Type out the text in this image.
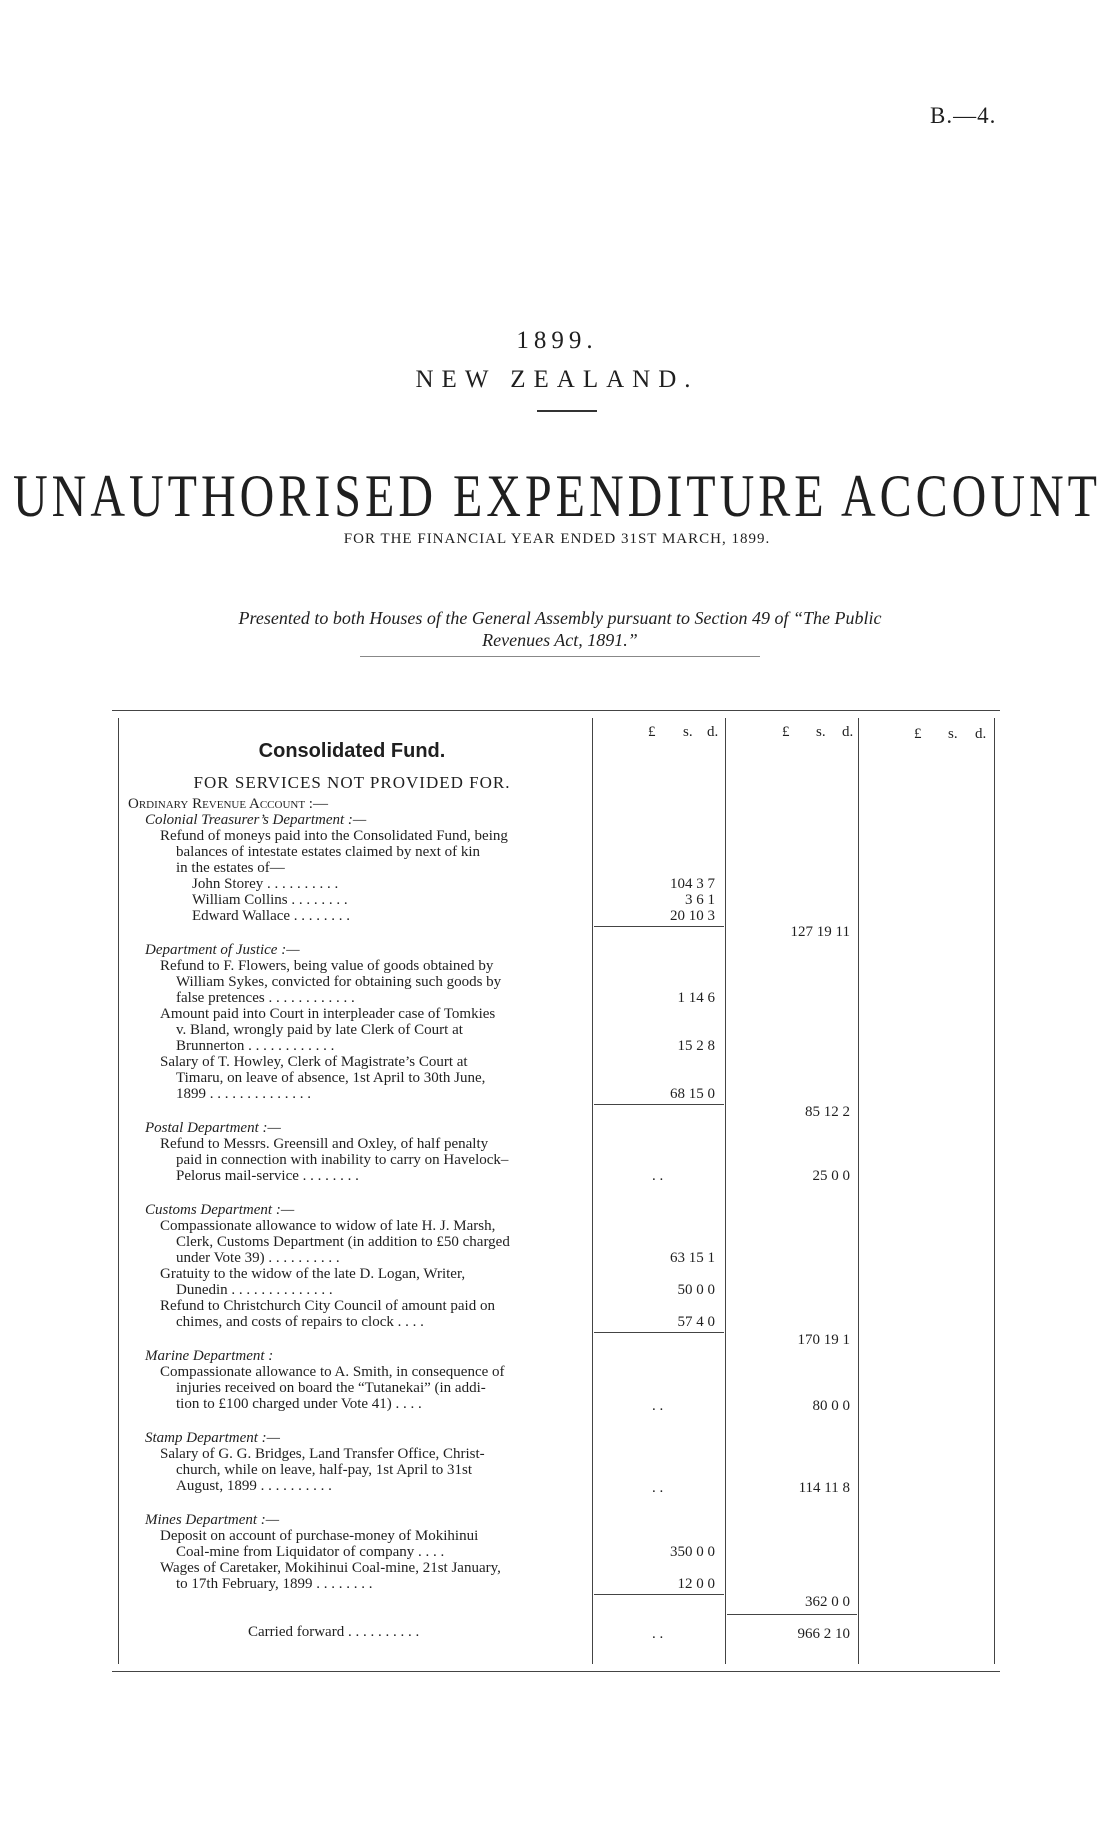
B.—4.
1899.
NEW ZEALAND.
UNAUTHORISED EXPENDITURE ACCOUNT
FOR THE FINANCIAL YEAR ENDED 31ST MARCH, 1899.
Presented to both Houses of the General Assembly pursuant to Section 49 of “The Public
Revenues Act, 1891.”
£ s. d.	£ s. d.	£ s. d.
Consolidated Fund.
FOR SERVICES NOT PROVIDED FOR.
Ordinary Revenue Account :—
Colonial Treasurer’s Department :—
Refund of moneys paid into the Consolidated Fund, being
balances of intestate estates claimed by next of kin
in the estates of—
John Storey . . . . . . . . . .
William Collins . . . . . . . .
Edward Wallace . . . . . . . .
Department of Justice :—
Refund to F. Flowers, being value of goods obtained by
William Sykes, convicted for obtaining such goods by
false pretences . . . . . . . . . . . .
Amount paid into Court in interpleader case of Tomkies
v. Bland, wrongly paid by late Clerk of Court at
Brunnerton . . . . . . . . . . . .
Salary of T. Howley, Clerk of Magistrate’s Court at
Timaru, on leave of absence, 1st April to 30th June,
1899 . . . . . . . . . . . . . .
Postal Department :—
Refund to Messrs. Greensill and Oxley, of half penalty
paid in connection with inability to carry on Havelock–
Pelorus mail-service . . . . . . . .
Customs Department :—
Compassionate allowance to widow of late H. J. Marsh,
Clerk, Customs Department (in addition to £50 charged
under Vote 39) . . . . . . . . . .
Gratuity to the widow of the late D. Logan, Writer,
Dunedin . . . . . . . . . . . . . .
Refund to Christchurch City Council of amount paid on
chimes, and costs of repairs to clock . . . .
Marine Department :
Compassionate allowance to A. Smith, in consequence of
injuries received on board the “Tutanekai” (in addi-
tion to £100 charged under Vote 41) . . . .
Stamp Department :—
Salary of G. G. Bridges, Land Transfer Office, Christ-
church, while on leave, half-pay, 1st April to 31st
August, 1899 . . . . . . . . . .
Mines Department :—
Deposit on account of purchase-money of Mokihinui
Coal-mine from Liquidator of company . . . .
Wages of Caretaker, Mokihinui Coal-mine, 21st January,
to 17th February, 1899 . . . . . . . .
Carried forward . . . . . . . . . .
104 3 7
3 6 1
20 10 3
1 14 6
15 2 8
68 15 0
. .
63 15 1
50 0 0
57 4 0
. .
. .
350 0 0
12 0 0
. .
127 19 11
85 12 2
25 0 0
170 19 1
80 0 0
114 11 8
362 0 0
966 2 10
